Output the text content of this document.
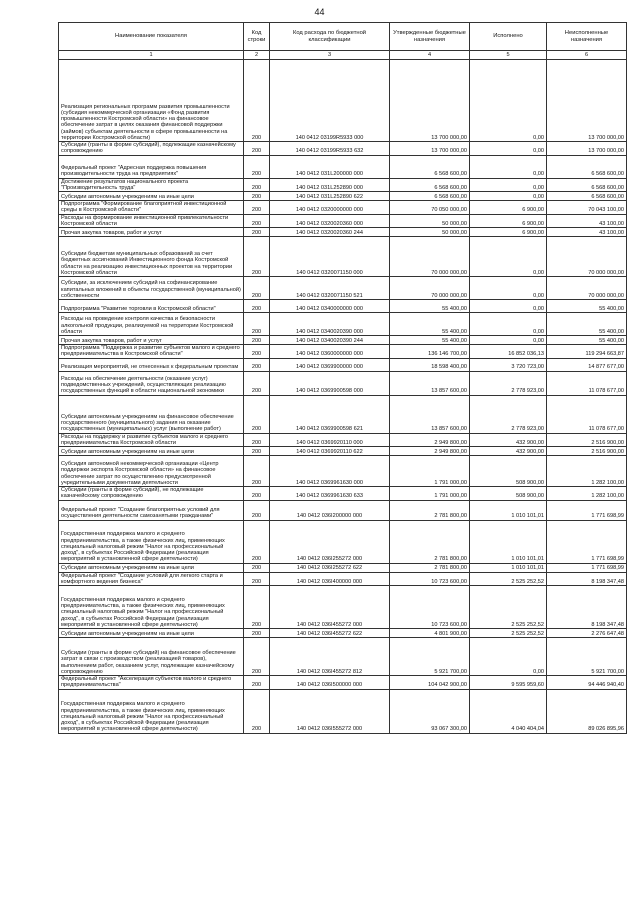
44
Наименование показателя	Код строки	Код расхода по бюджетной классификации	Утвержденные бюджетные назначения	Исполнено	Неисполненные назначения
1	2	3	4	5	6
Реализация региональных программ развития промышленности (субсидия некоммерческой организации «Фонд развития промышленности Костромской области» на финансовое обеспечение затрат в целях оказания финансовой поддержки (займов) субъектам деятельности в сфере промышленности на территории Костромской области)	200	140 0412 03199R5933 000	13 700 000,00	0,00	13 700 000,00
Субсидии (гранты в форме субсидий), подлежащие казначейскому сопровождению	200	140 0412 03199R5933 632	13 700 000,00	0,00	13 700 000,00
Федеральный проект "Адресная поддержка повышения производительности труда на предприятиях"	200	140 0412 031L200000 000	6 568 600,00	0,00	6 568 600,00
Достижение результатов национального проекта "Производительность труда"	200	140 0412 031L252890 000	6 568 600,00	0,00	6 568 600,00
Субсидии автономным учреждениям на иные цели	200	140 0412 031L252890 622	6 568 600,00	0,00	6 568 600,00
Подпрограмма "Формирование благоприятной инвестиционной среды в Костромской области"	200	140 0412 0320000000 000	70 050 000,00	6 900,00	70 043 100,00
Расходы на формирование инвестиционной привлекательности Костромской области	200	140 0412 0320020360 000	50 000,00	6 900,00	43 100,00
Прочая закупка товаров, работ и услуг	200	140 0412 0320020360 244	50 000,00	6 900,00	43 100,00
Субсидии бюджетам муниципальных образований за счет бюджетных ассигнований Инвестиционного фонда Костромской области на реализацию инвестиционных проектов на территории Костромской области	200	140 0412 0320071150 000	70 000 000,00	0,00	70 000 000,00
Субсидии, за исключением субсидий на софинансирование капитальных вложений в объекты государственной (муниципальной) собственности	200	140 0412 0320071150 521	70 000 000,00	0,00	70 000 000,00
Подпрограмма "Развитие торговли в Костромской области"	200	140 0412 0340000000 000	55 400,00	0,00	55 400,00
Расходы на проведение контроля качества и безопасности алкогольной продукции, реализуемой на территории Костромской области	200	140 0412 0340020390 000	55 400,00	0,00	55 400,00
Прочая закупка товаров, работ и услуг	200	140 0412 0340020390 244	55 400,00	0,00	55 400,00
Подпрограмма "Поддержка и развитие субъектов малого и среднего предпринимательства в Костромской области"	200	140 0412 0360000000 000	136 146 700,00	16 852 036,13	119 294 663,87
Реализация мероприятий, не отнесенных к федеральным проектам	200	140 0412 0369900000 000	18 598 400,00	3 720 723,00	14 877 677,00
Расходы на обеспечение деятельности (оказание услуг) подведомственных учреждений, осуществляющих реализацию государственных функций в области национальной экономики	200	140 0412 0369900598 000	13 857 600,00	2 778 923,00	11 078 677,00
Субсидии автономным учреждениям на финансовое обеспечение государственного (муниципального) задания на оказание государственных (муниципальных) услуг (выполнение работ)	200	140 0412 0369900598 621	13 857 600,00	2 778 923,00	11 078 677,00
Расходы на поддержку и развитие субъектов малого и среднего предпринимательства Костромской области	200	140 0412 0369920110 000	2 949 800,00	432 900,00	2 516 900,00
Субсидии автономным учреждениям на иные цели	200	140 0412 0369920110 622	2 949 800,00	432 900,00	2 516 900,00
Субсидия автономной некоммерческой организации «Центр поддержки экспорта Костромской области» на финансовое обеспечение затрат по осуществлению предусмотренной учредительными документами деятельности	200	140 0412 0369961630 000	1 791 000,00	508 900,00	1 282 100,00
Субсидии (гранты в форме субсидий), не подлежащие казначейскому сопровождению	200	140 0412 0369961630 633	1 791 000,00	508 900,00	1 282 100,00
Федеральный проект "Создание благоприятных условий для осуществления деятельности самозанятыми гражданами"	200	140 0412 036I200000 000	2 781 800,00	1 010 101,01	1 771 698,99
Государственная поддержка малого и среднего предпринимательства, а также физических лиц, применяющих специальный налоговый режим "Налог на профессиональный доход", в субъектах Российской Федерации (реализация мероприятий в установленной сфере деятельности)	200	140 0412 036I255272 000	2 781 800,00	1 010 101,01	1 771 698,99
Субсидии автономным учреждениям на иные цели	200	140 0412 036I255272 622	2 781 800,00	1 010 101,01	1 771 698,99
Федеральный проект "Создание условий для легкого старта и комфортного ведения бизнеса"	200	140 0412 036I400000 000	10 723 600,00	2 525 252,52	8 198 347,48
Государственная поддержка малого и среднего предпринимательства, а также физических лиц, применяющих специальный налоговый режим "Налог на профессиональный доход", в субъектах Российской Федерации (реализация мероприятий в установленной сфере деятельности)	200	140 0412 036I455272 000	10 723 600,00	2 525 252,52	8 198 347,48
Субсидии автономным учреждениям на иные цели	200	140 0412 036I455272 622	4 801 900,00	2 525 252,52	2 276 647,48
Субсидии (гранты в форме субсидий) на финансовое обеспечение затрат в связи с производством (реализацией товаров), выполнением работ, оказанием услуг, подлежащие казначейскому сопровождению	200	140 0412 036I455272 812	5 921 700,00	0,00	5 921 700,00
Федеральный проект "Акселерация субъектов малого и среднего предпринимательства"	200	140 0412 036I500000 000	104 042 900,00	9 595 959,60	94 446 940,40
Государственная поддержка малого и среднего предпринимательства, а также физических лиц, применяющих специальный налоговый режим "Налог на профессиональный доход", в субъектах Российской Федерации (реализация мероприятий в установленной сфере деятельности)	200	140 0412 036I555272 000	93 067 300,00	4 040 404,04	89 026 895,96
